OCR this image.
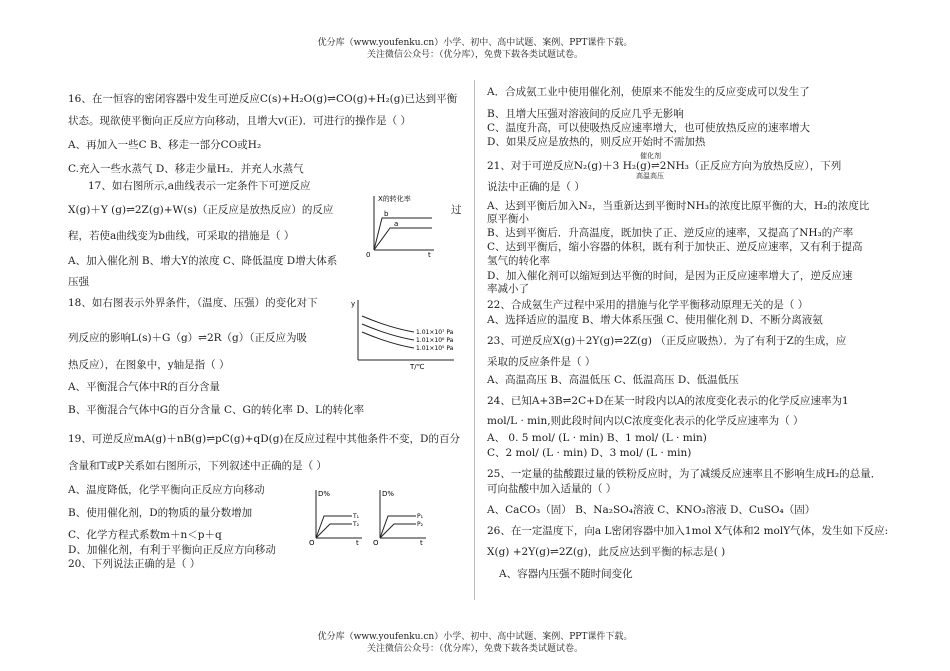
优分库（www.youfenku.cn）小学、初中、高中试题、案例、PPT课件下载。
关注微信公众号：（优分库），免费下载各类试题试卷。
16、在一恒容的密闭容器中发生可逆反应C(s)+H₂O(g)⇌CO(g)+H₂(g)已达到平衡
状态。现欲使平衡向正反应方向移动，且增大v(正)．可进行的操作是（ ）
A、再加入一些C B、移走一部分CO或H₂
C.充入一些水蒸气 D、移走少量H₂．并充人水蒸气
17、如右图所示,a曲线表示一定条件下可逆反应
X(g)＋Y (g)⇌2Z(g)+W(s)（正反应是放热反应）的反应	过
程，若使a曲线变为b曲线，可采取的措施是（ ）
A、加入催化剂 B、增大Y的浓度 C、降低温度 D增大体系
压强
18、如右图表示外界条件，（温度、压强）的变化对下
列反应的影响L(s)＋G（g）⇌2R（g）（正反应为吸
热反应），在图象中，y轴是指（ ）
A、平衡混合气体中R的百分含量
B、平衡混合气体中G的百分含量 C、G的转化率 D、L的转化率
19、可逆反应mA(g)＋nB(g)⇌pC(g)+qD(g)在反应过程中其他条件不变，D的百分
含量和T或P关系如右图所示，下列叙述中正确的是（ ）
A、温度降低，化学平衡向正反应方向移动
B、使用催化剂，D的物质的量分数增加
C、化学方程式系数m＋n＜p＋q
D、加催化剂，有利于平衡向正反应方向移动
20、下列说法正确的是（ ）
X的转化率
b
a
0	t
1.01×10⁷ Pa
1.01×10⁶ Pa
1.01×10⁵ Pa
y
T/℃
D%
T₁
T₂
O	t
D%
P₁
P₂
O	t
A．合成氨工业中使用催化剂，使原来不能发生的反应变成可以发生了
B、且增大压强对溶液间的反应几乎无影响
C、温度升高，可以使吸热反应速率增大，也可使放热反应的速率增大
D、如果反应是放热的，则反应开始时不需加热
催化剂
高温高压
21、对于可逆反应N₂(g)＋3 H₂(g)⇌2NH₃（正反应方向为放热反应），下列
说法中正确的是（ ）
A、达到平衡后加入N₂，当重新达到平衡时NH₃的浓度比原平衡的大，H₂的浓度比
原平衡小
B、达到平衡后．升高温度，既加快了正、逆反应的速率，又提高了NH₃的产率
C、达到平衡后，缩小容器的体积，既有利于加快正、逆反应速率，又有利于提高
氢气的转化率
D、加入催化剂可以缩短到达平衡的时间，是因为正反应速率增大了，逆反应速
率减小了
22、合成氨生产过程中采用的措施与化学平衡移动原理无关的是（ ）
A、选择适应的温度 B、增大体系压强 C、使用催化剂 D、不断分离液氨
23、可逆反应X(g)＋2Y(g)⇌2Z(g) （正反应吸热）．为了有利于Z的生成，应
采取的反应条件是（ ）
A、高温高压 B、高温低压 C、低温高压 D、低温低压
24、已知A+3B⇌2C+D在某一时段内以A的浓度变化表示的化学反应速率为1
mol/L · min,则此段时间内以C浓度变化表示的化学反应速率为（ ）
A、 0. 5 mol/ (L · min) B、1 mol/ (L · min)
C、2 mol/ (L · min) D、3 mol/ (L · min)
25、一定量的盐酸跟过量的铁粉反应时，为了减缓反应速率且不影响生成H₂的总量．
可向盐酸中加入适量的（ ）
A、CaCO₃（固） B、Na₂SO₄溶液 C、KNO₃溶液 D、CuSO₄（固）
26、在一定温度下，向a L密闭容器中加入1mol X气体和2 molY气体，发生如下反应:
X(g) +2Y(g)⇌2Z(g)，此反应达到平衡的标志是( )
A、容器内压强不随时间变化
优分库（www.youfenku.cn）小学、初中、高中试题、案例、PPT课件下载。
关注微信公众号：（优分库），免费下载各类试题试卷。
